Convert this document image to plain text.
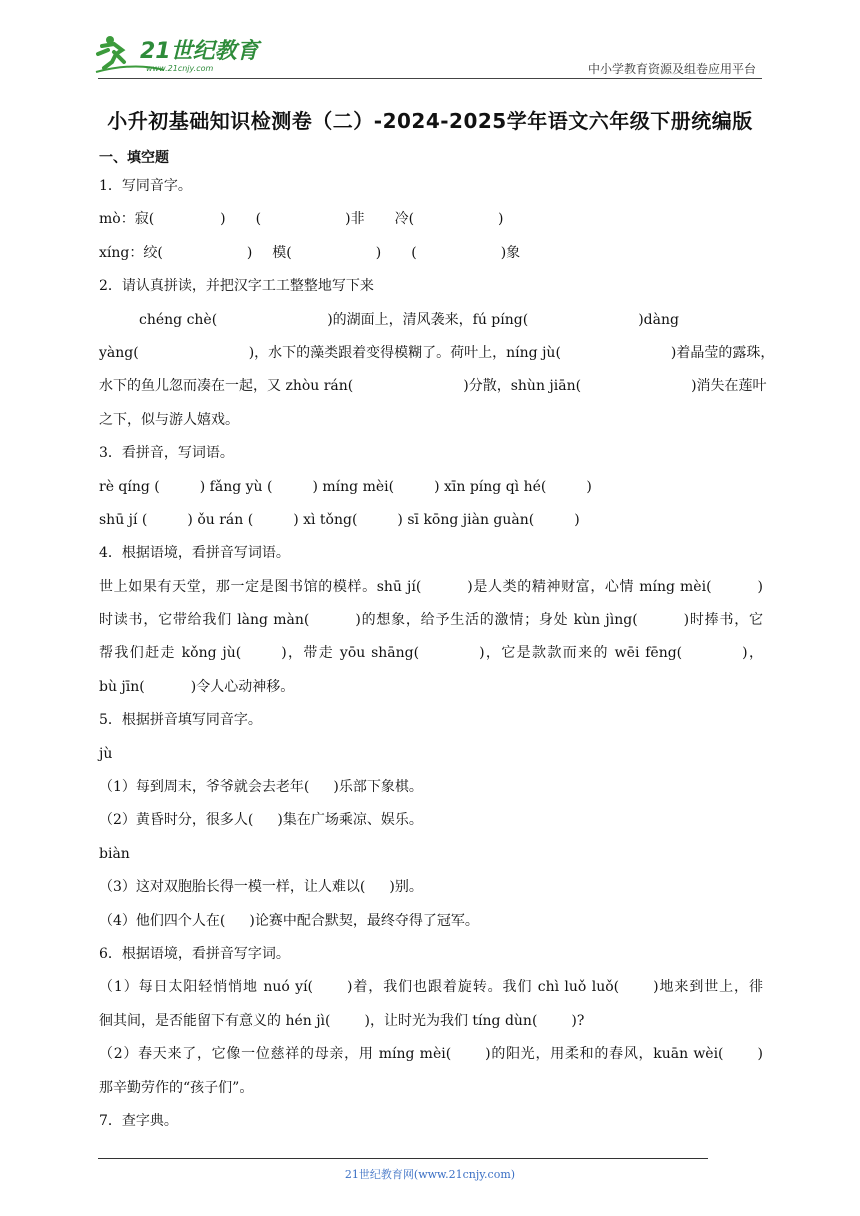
21世纪教育
www.21cnjy.com	中小学教育资源及组卷应用平台
小升初基础知识检测卷（二）-2024-2025学年语文六年级下册统编版
一、填空题
1．写同音字。
mò：寂(	) (	)非 冷(	)
xíng：绞(	) 模(	) (	)象
2．请认真拼读，并把汉字工工整整地写下来
chéng chè(	)的湖面上，清风袭来，fú píng(	)dàng
yàng(	)，水下的藻类跟着变得模糊了。荷叶上，níng jù(	)着晶莹的露珠，
水下的鱼儿忽而凑在一起，又 zhòu rán(	)分散，shùn jiān(	)消失在莲叶
之下，似与游人嬉戏。
3．看拼音，写词语。
rè qíng (	) fǎng yù (	) míng mèi(	) xīn píng qì hé(	)
shū jí (	) ǒu rán (	) xì tǒng(	) sī kōng jiàn guàn(	)
4．根据语境，看拼音写词语。
世上如果有天堂，那一定是图书馆的模样。shū jí(	)是人类的精神财富，心情 míng mèi(	)
时读书，它带给我们 làng màn(	)的想象，给予生活的激情；身处 kùn jìng(	)时捧书，它
帮我们赶走 kǒng jù(	)，带走 yōu shāng(	)，它是款款而来的 wēi fēng(	)，
bù jīn(	)令人心动神移。
5．根据拼音填写同音字。
jù
（1）每到周末，爷爷就会去老年( )乐部下象棋。
（2）黄昏时分，很多人( )集在广场乘凉、娱乐。
biàn
（3）这对双胞胎长得一模一样，让人难以( )别。
（4）他们四个人在( )论赛中配合默契，最终夺得了冠军。
6．根据语境，看拼音写字词。
（1）每日太阳轻悄悄地 nuó yí( )着，我们也跟着旋转。我们 chì luǒ luǒ( )地来到世上，徘
徊其间，是否能留下有意义的 hén jì( )，让时光为我们 tíng dùn( )?
（2）春天来了，它像一位慈祥的母亲，用 míng mèi( )的阳光，用柔和的春风，kuān wèi( )
那辛勤劳作的“孩子们”。
7．查字典。
21世纪教育网(www.21cnjy.com)
